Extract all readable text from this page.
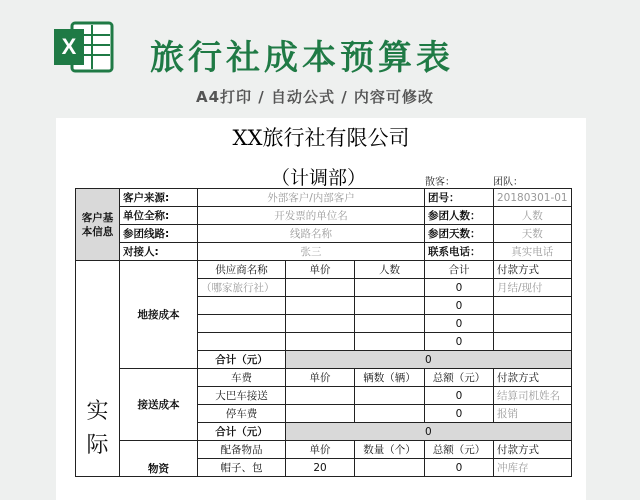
X 旅行社成本预算表
A4打印 / 自动公式 / 内容可修改
XX旅行社有限公司
（计调部）	散客：	团队：
客户基本信息	客户来源:	外部客户/内部客户			团号：	20180301-01
	单位全称:	开发票的单位名			参团人数：	人数
	参团线路:	线路名称			参团天数：	天数
	对接人:	张三			联系电话：	真实电话
实际	地接成本	供应商名称	单价	人数	合计	付款方式
		（哪家旅行社）			0	月结/现付
					0	
					0	
					0	
		合计（元）	0			
	接送成本	车费	单价	辆数（辆）	总额（元）	付款方式
		大巴车接送			0	结算司机姓名
		停车费			0	报销
		合计（元）	0			
	物资	配备物品	单价	数量（个）	总额（元）	付款方式
		帽子、包	20		0	冲库存
